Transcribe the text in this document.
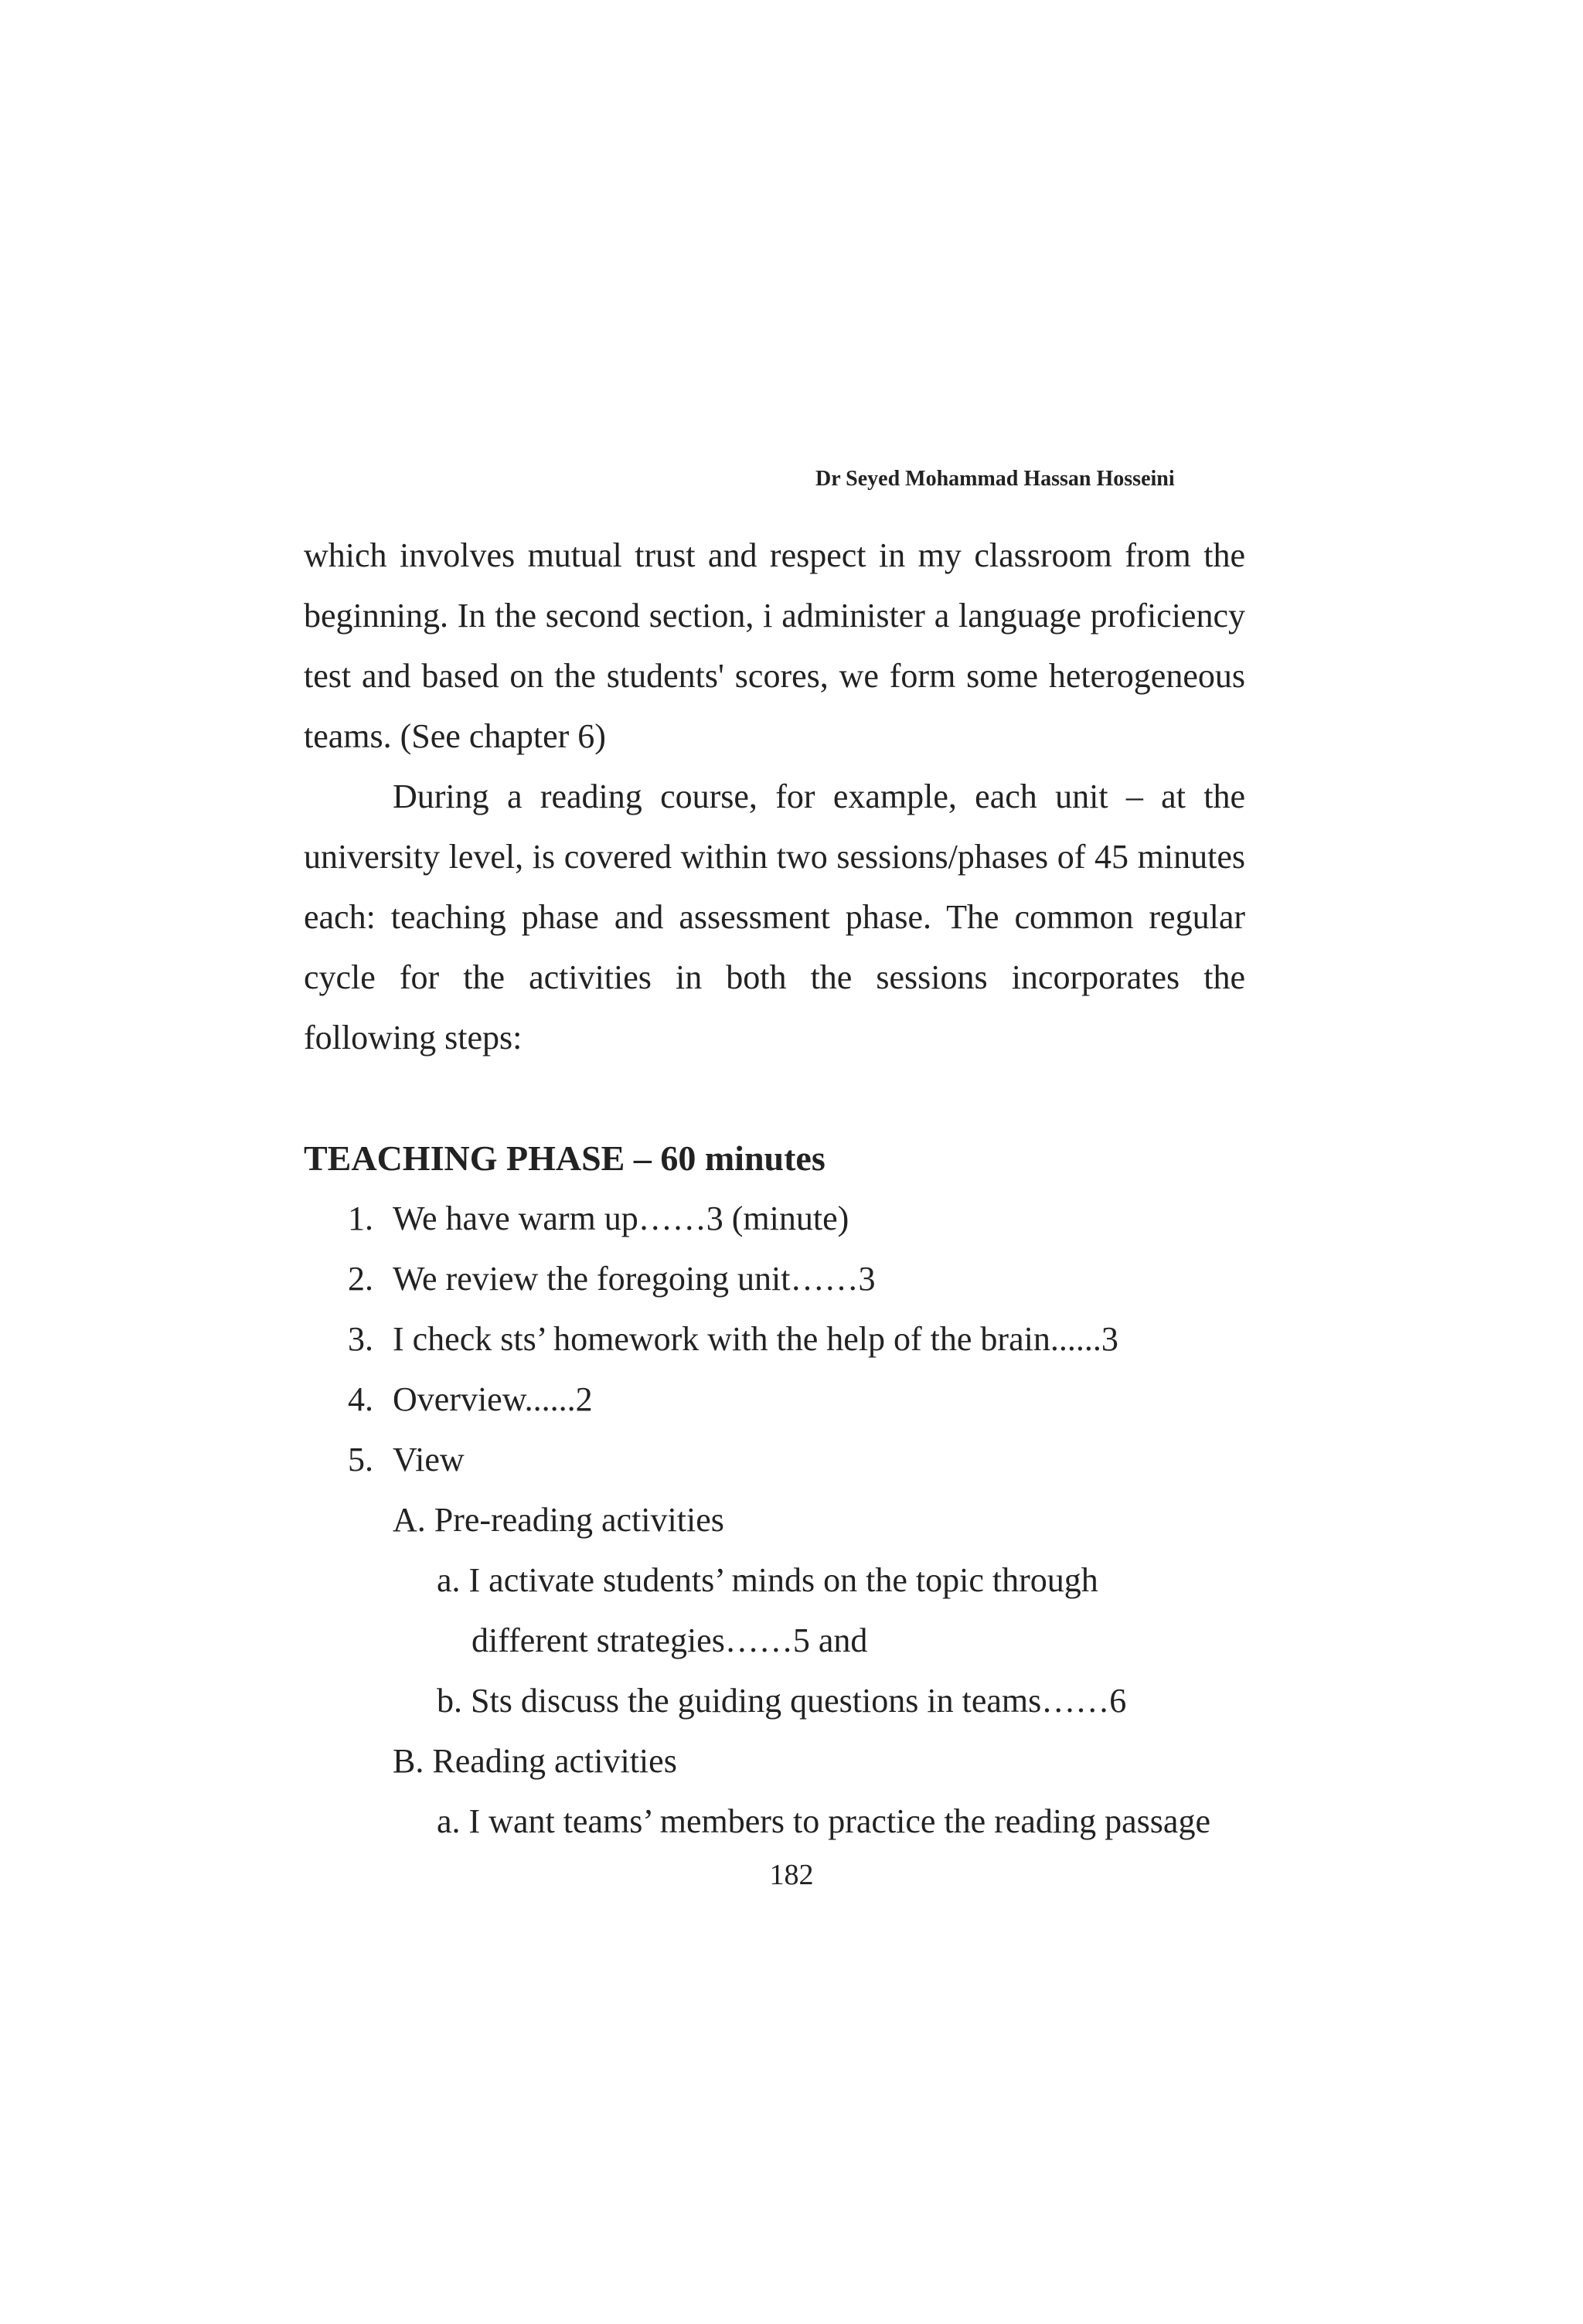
Dr Seyed Mohammad Hassan Hosseini

which involves mutual trust and respect in my classroom from the beginning. In the second section, i administer a language proficiency test and based on the students' scores, we form some heterogeneous teams. (See chapter 6)

During a reading course, for example, each unit – at the university level, is covered within two sessions/phases of 45 minutes each: teaching phase and assessment phase. The common regular cycle for the activities in both the sessions incorporates the following steps:

TEACHING PHASE – 60 minutes
1. We have warm up……3 (minute)
2. We review the foregoing unit……3
3. I check sts’ homework with the help of the brain......3
4. Overview......2
5. View
A. Pre-reading activities
a. I activate students’ minds on the topic through
different strategies……5 and
b. Sts discuss the guiding questions in teams……6
B. Reading activities
a. I want teams’ members to practice the reading passage
182
